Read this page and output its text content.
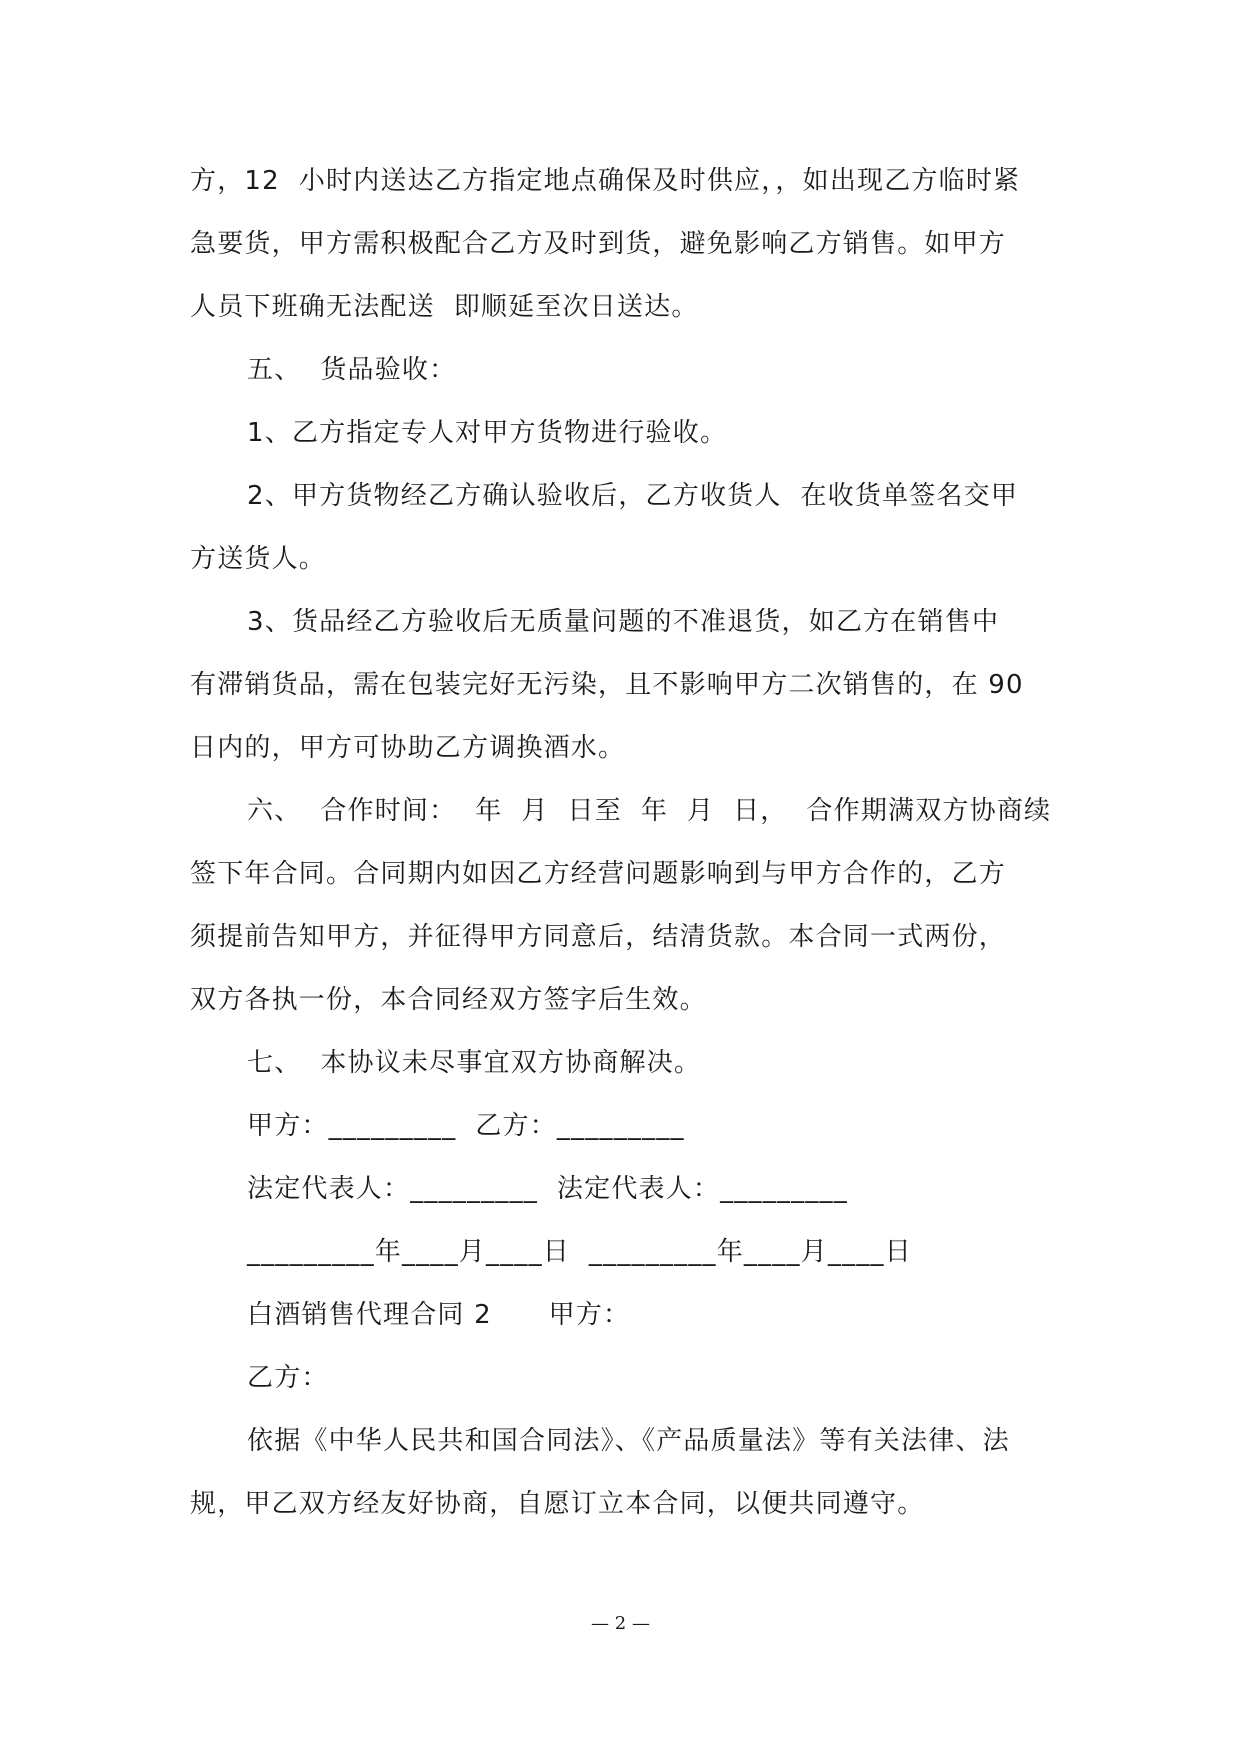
方，12  小时内送达乙方指定地点确保及时供应，，如出现乙方临时紧
急要货，甲方需积极配合乙方及时到货，避免影响乙方销售。如甲方
人员下班确无法配送  即顺延至次日送达。
五、  货品验收：
1、乙方指定专人对甲方货物进行验收。
2、甲方货物经乙方确认验收后，乙方收货人  在收货单签名交甲
方送货人。
3、货品经乙方验收后无质量问题的不准退货，如乙方在销售中
有滞销货品，需在包装完好无污染，且不影响甲方二次销售的，在 90
日内的，甲方可协助乙方调换酒水。
六、  合作时间：  年  月  日至  年  月  日，  合作期满双方协商续
签下年合同。合同期内如因乙方经营问题影响到与甲方合作的，乙方
须提前告知甲方，并征得甲方同意后，结清货款。本合同一式两份，
双方各执一份，本合同经双方签字后生效。
七、  本协议未尽事宜双方协商解决。
甲方：_________  乙方：_________
法定代表人：_________  法定代表人：_________
_________年____月____日  _________年____月____日
白酒销售代理合同 2      甲方：
乙方：
依据《中华人民共和国合同法》、《产品质量法》等有关法律、法
规，甲乙双方经友好协商，自愿订立本合同，以便共同遵守。
— 2 —
